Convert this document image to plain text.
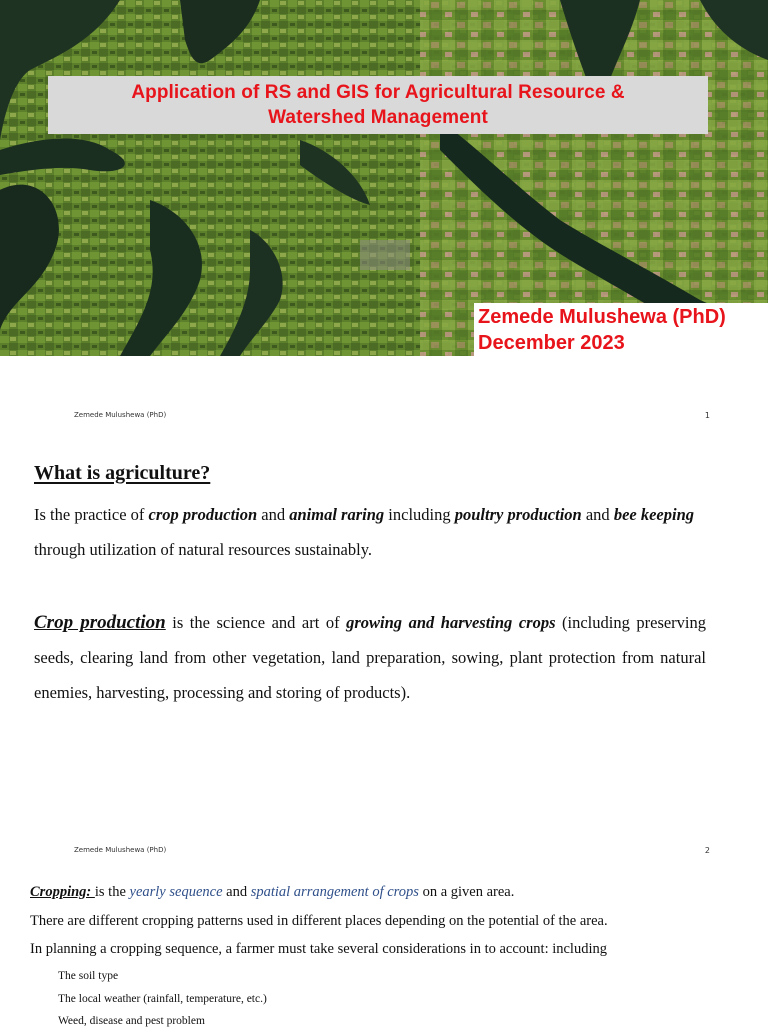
Application of RS and GIS for Agricultural Resource &
Watershed Management
Zemede Mulushewa (PhD)
December 2023
Zemede Mulushewa (PhD)	1
What is agriculture?
Is the practice of crop production and animal raring including poultry production and bee keeping through utilization of natural resources sustainably.
Crop production is the science and art of growing and harvesting crops (including preserving seeds, clearing land from other vegetation, land preparation, sowing, plant protection from natural enemies, harvesting, processing and storing of products).
Zemede Mulushewa (PhD)	2
Cropping: is the yearly sequence and spatial arrangement of crops on a given area.
There are different cropping patterns used in different places depending on the potential of the area.
In planning a cropping sequence, a farmer must take several considerations in to account: including
The soil type
The local weather (rainfall, temperature, etc.)
Weed, disease and pest problem
